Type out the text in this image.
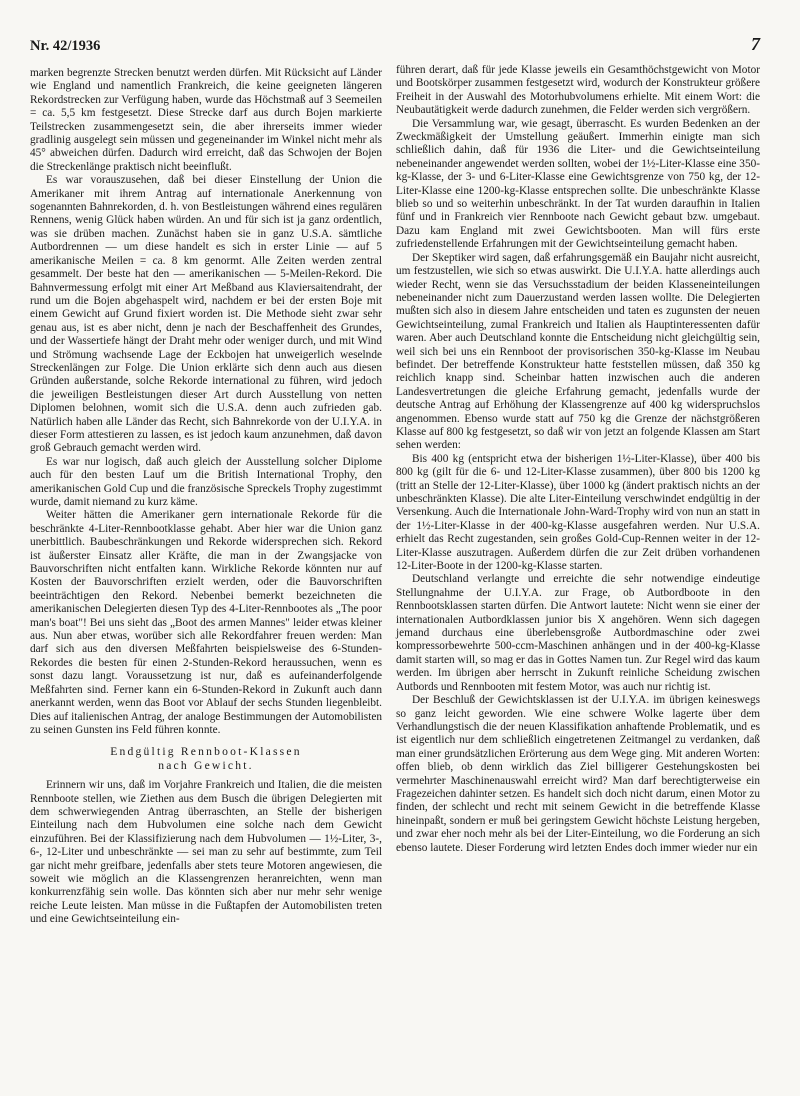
Nr. 42/1936	7

marken begrenzte Strecken benutzt werden dürfen. Mit Rücksicht auf Länder wie England und namentlich Frankreich, die keine geeigneten längeren Rekordstrecken zur Verfügung haben, wurde das Höchstmaß auf 3 Seemeilen = ca. 5,5 km festgesetzt. Diese Strecke darf aus durch Bojen markierte Teilstrecken zusammengesetzt sein, die aber ihrerseits immer wieder gradlinig ausgelegt sein müssen und gegeneinander im Winkel nicht mehr als 45° abweichen dürfen. Dadurch wird erreicht, daß das Schwojen der Bojen die Streckenlänge praktisch nicht beeinflußt.

Es war vorauszusehen, daß bei dieser Einstellung der Union die Amerikaner mit ihrem Antrag auf internationale Anerkennung von sogenannten Bahnrekorden, d. h. von Bestleistungen während eines regulären Rennens, wenig Glück haben würden. An und für sich ist ja ganz ordentlich, was sie drüben machen. Zunächst haben sie in ganz U.S.A. sämtliche Autbordrennen — um diese handelt es sich in erster Linie — auf 5 amerikanische Meilen = ca. 8 km genormt. Alle Zeiten werden zentral gesammelt. Der beste hat den — amerikanischen — 5-Meilen-Rekord. Die Bahnvermessung erfolgt mit einer Art Meßband aus Klaviersaitendraht, der rund um die Bojen abgehaspelt wird, nachdem er bei der ersten Boje mit einem Gewicht auf Grund fixiert worden ist. Die Methode sieht zwar sehr genau aus, ist es aber nicht, denn je nach der Beschaffenheit des Grundes, und der Wassertiefe hängt der Draht mehr oder weniger durch, und mit Wind und Strömung wachsende Lage der Eckbojen hat unweigerlich weselnde Streckenlängen zur Folge. Die Union erklärte sich denn auch aus diesen Gründen außerstande, solche Rekorde international zu führen, wird jedoch die jeweiligen Bestleistungen dieser Art durch Ausstellung von netten Diplomen belohnen, womit sich die U.S.A. denn auch zufrieden gab. Natürlich haben alle Länder das Recht, sich Bahnrekorde von der U.I.Y.A. in dieser Form attestieren zu lassen, es ist jedoch kaum anzunehmen, daß davon groß Gebrauch gemacht werden wird.

Es war nur logisch, daß auch gleich der Ausstellung solcher Diplome auch für den besten Lauf um die British International Trophy, den amerikanischen Gold Cup und die französische Spreckels Trophy zugestimmt wurde, damit niemand zu kurz käme.

Weiter hätten die Amerikaner gern internationale Rekorde für die beschränkte 4-Liter-Rennbootklasse gehabt. Aber hier war die Union ganz unerbittlich. Baubeschränkungen und Rekorde widersprechen sich. Rekord ist äußerster Einsatz aller Kräfte, die man in der Zwangsjacke von Bauvorschriften nicht entfalten kann. Wirkliche Rekorde könnten nur auf Kosten der Bauvorschriften erzielt werden, oder die Bauvorschriften beeinträchtigen den Rekord. Nebenbei bemerkt bezeichneten die amerikanischen Delegierten diesen Typ des 4-Liter-Rennbootes als „The poor man's boat"! Bei uns sieht das „Boot des armen Mannes" leider etwas kleiner aus. Nun aber etwas, worüber sich alle Rekordfahrer freuen werden: Man darf sich aus den diversen Meßfahrten beispielsweise des 6-Stunden-Rekordes die besten für einen 2-Stunden-Rekord heraussuchen, wenn es sonst dazu langt. Voraussetzung ist nur, daß es aufeinanderfolgende Meßfahrten sind. Ferner kann ein 6-Stunden-Rekord in Zukunft auch dann anerkannt werden, wenn das Boot vor Ablauf der sechs Stunden liegenbleibt. Dies auf italienischen Antrag, der analoge Bestimmungen der Automobilisten zu seinen Gunsten ins Feld führen konnte.

Endgültig Rennboot-Klassen
nach Gewicht.

Erinnern wir uns, daß im Vorjahre Frankreich und Italien, die die meisten Rennboote stellen, wie Ziethen aus dem Busch die übrigen Delegierten mit dem schwerwiegenden Antrag überraschten, an Stelle der bisherigen Einteilung nach dem Hubvolumen eine solche nach dem Gewicht einzuführen. Bei der Klassifizierung nach dem Hubvolumen — 1½-Liter, 3-, 6-, 12-Liter und unbeschränkte — sei man zu sehr auf bestimmte, zum Teil gar nicht mehr greifbare, jedenfalls aber stets teure Motoren angewiesen, die soweit wie möglich an die Klassengrenzen heranreichten, wenn man konkurrenzfähig sein wolle. Das könnten sich aber nur mehr sehr wenige reiche Leute leisten. Man müsse in die Fußtapfen der Automobilisten treten und eine Gewichtseinteilung ein-

führen derart, daß für jede Klasse jeweils ein Gesamthöchstgewicht von Motor und Bootskörper zusammen festgesetzt wird, wodurch der Konstrukteur größere Freiheit in der Auswahl des Motorhubvolumens erhielte. Mit einem Wort: die Neubautätigkeit werde dadurch zunehmen, die Felder werden sich vergrößern.

Die Versammlung war, wie gesagt, überrascht. Es wurden Bedenken an der Zweckmäßigkeit der Umstellung geäußert. Immerhin einigte man sich schließlich dahin, daß für 1936 die Liter- und die Gewichtseinteilung nebeneinander angewendet werden sollten, wobei der 1½-Liter-Klasse eine 350-kg-Klasse, der 3- und 6-Liter-Klasse eine Gewichtsgrenze von 750 kg, der 12-Liter-Klasse eine 1200-kg-Klasse entsprechen sollte. Die unbeschränkte Klasse blieb so und so weiterhin unbeschränkt. In der Tat wurden daraufhin in Italien fünf und in Frankreich vier Rennboote nach Gewicht gebaut bzw. umgebaut. Dazu kam England mit zwei Gewichtsbooten. Man will fürs erste zufriedenstellende Erfahrungen mit der Gewichtseinteilung gemacht haben.

Der Skeptiker wird sagen, daß erfahrungsgemäß ein Baujahr nicht ausreicht, um festzustellen, wie sich so etwas auswirkt. Die U.I.Y.A. hatte allerdings auch wieder Recht, wenn sie das Versuchsstadium der beiden Klasseneinteilungen nebeneinander nicht zum Dauerzustand werden lassen wollte. Die Delegierten mußten sich also in diesem Jahre entscheiden und taten es zugunsten der neuen Gewichtseinteilung, zumal Frankreich und Italien als Hauptinteressenten dafür waren. Aber auch Deutschland konnte die Entscheidung nicht gleichgültig sein, weil sich bei uns ein Rennboot der provisorischen 350-kg-Klasse im Neubau befindet. Der betreffende Konstrukteur hatte feststellen müssen, daß 350 kg reichlich knapp sind. Scheinbar hatten inzwischen auch die anderen Landesvertretungen die gleiche Erfahrung gemacht, jedenfalls wurde der deutsche Antrag auf Erhöhung der Klassengrenze auf 400 kg widerspruchslos angenommen. Ebenso wurde statt auf 750 kg die Grenze der nächstgrößeren Klasse auf 800 kg festgesetzt, so daß wir von jetzt an folgende Klassen am Start sehen werden:

Bis 400 kg (entspricht etwa der bisherigen 1½-Liter-Klasse), über 400 bis 800 kg (gilt für die 6- und 12-Liter-Klasse zusammen), über 800 bis 1200 kg (tritt an Stelle der 12-Liter-Klasse), über 1000 kg (ändert praktisch nichts an der unbeschränkten Klasse). Die alte Liter-Einteilung verschwindet endgültig in der Versenkung. Auch die Internationale John-Ward-Trophy wird von nun an statt in der 1½-Liter-Klasse in der 400-kg-Klasse ausgefahren werden. Nur U.S.A. erhielt das Recht zugestanden, sein großes Gold-Cup-Rennen weiter in der 12-Liter-Klasse auszutragen. Außerdem dürfen die zur Zeit drüben vorhandenen 12-Liter-Boote in der 1200-kg-Klasse starten.

Deutschland verlangte und erreichte die sehr notwendige eindeutige Stellungnahme der U.I.Y.A. zur Frage, ob Autbordboote in den Rennbootsklassen starten dürfen. Die Antwort lautete: Nicht wenn sie einer der internationalen Autbordklassen junior bis X angehören. Wenn sich dagegen jemand durchaus eine überlebensgroße Autbordmaschine oder zwei kompressorbewehrte 500-ccm-Maschinen anhängen und in der 400-kg-Klasse damit starten will, so mag er das in Gottes Namen tun. Zur Regel wird das kaum werden. Im übrigen aber herrscht in Zukunft reinliche Scheidung zwischen Autbords und Rennbooten mit festem Motor, was auch nur richtig ist.

Der Beschluß der Gewichtsklassen ist der U.I.Y.A. im übrigen keineswegs so ganz leicht geworden. Wie eine schwere Wolke lagerte über dem Verhandlungstisch die der neuen Klassifikation anhaftende Problematik, und es ist eigentlich nur dem schließlich eingetretenen Zeitmangel zu verdanken, daß man einer grundsätzlichen Erörterung aus dem Wege ging. Mit anderen Worten: offen blieb, ob denn wirklich das Ziel billigerer Gestehungskosten bei vermehrter Maschinenauswahl erreicht wird? Man darf berechtigterweise ein Fragezeichen dahinter setzen. Es handelt sich doch nicht darum, einen Motor zu finden, der schlecht und recht mit seinem Gewicht in die betreffende Klasse hineinpaßt, sondern er muß bei geringstem Gewicht höchste Leistung hergeben, und zwar eher noch mehr als bei der Liter-Einteilung, wo die Forderung an sich ebenso lautete. Dieser Forderung wird letzten Endes doch immer wieder nur ein
